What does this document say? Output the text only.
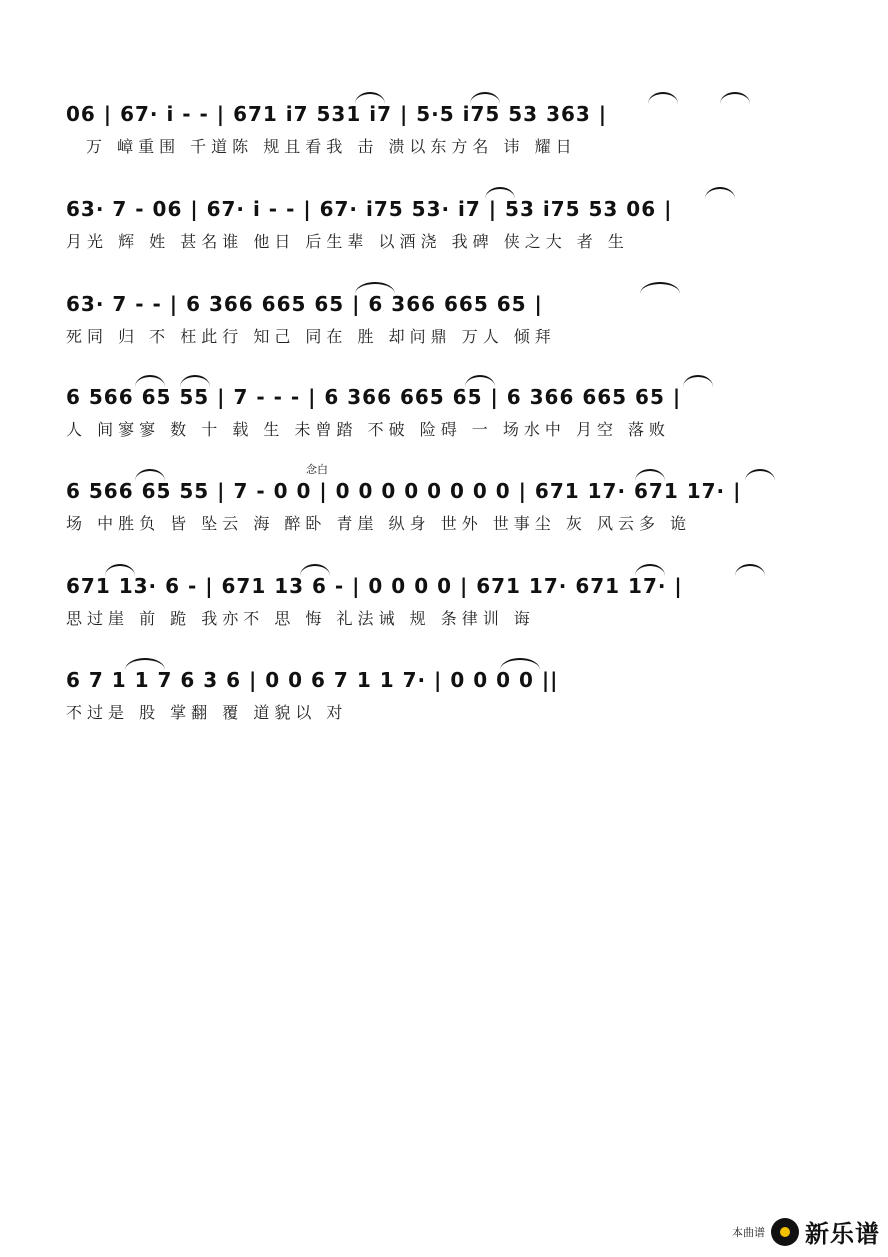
06 | 67· i - - | 671 i7 531 i7 | 5·5 i75 53 363 |
万 嶂重围 千道陈 规且看我 击 溃以东方名 讳 耀日
63· 7 - 06 | 67· i - - | 67· i75 53· i7 | 53 i75 53 06 |
月光 辉 姓 甚名谁 他日 后生辈 以酒浇 我碑 侠之大 者 生
63· 7 - - | 6 366 665 65 | 6 366 665 65 |
死同 归 不 枉此行 知己 同在 胜 却问鼎 万人 倾拜
6 566 65 55 | 7 - - - | 6 366 665 65 | 6 366 665 65 |
人 间寥寥 数 十 载 生 未曾踏 不破 险碍 一 场水中 月空 落败
念白
6 566 65 55 | 7 - 0 0 | 0 0 0 0 0 0 0 0 | 671 17· 671 17· |
场 中胜负 皆 坠云 海 醉卧 青崖 纵身 世外 世事尘 灰 风云多 诡
671 13· 6 - | 671 13 6 - | 0 0 0 0 | 671 17· 671 17· |
思过崖 前 跪 我亦不 思 悔 礼法诫 规 条律训 诲
6 7 1 1 7 6 3 6 | 0 0 6 7 1 1 7· | 0 0 0 0 ||
不过是 股 掌翻 覆 道貌以 对
本曲谱 新乐谱
